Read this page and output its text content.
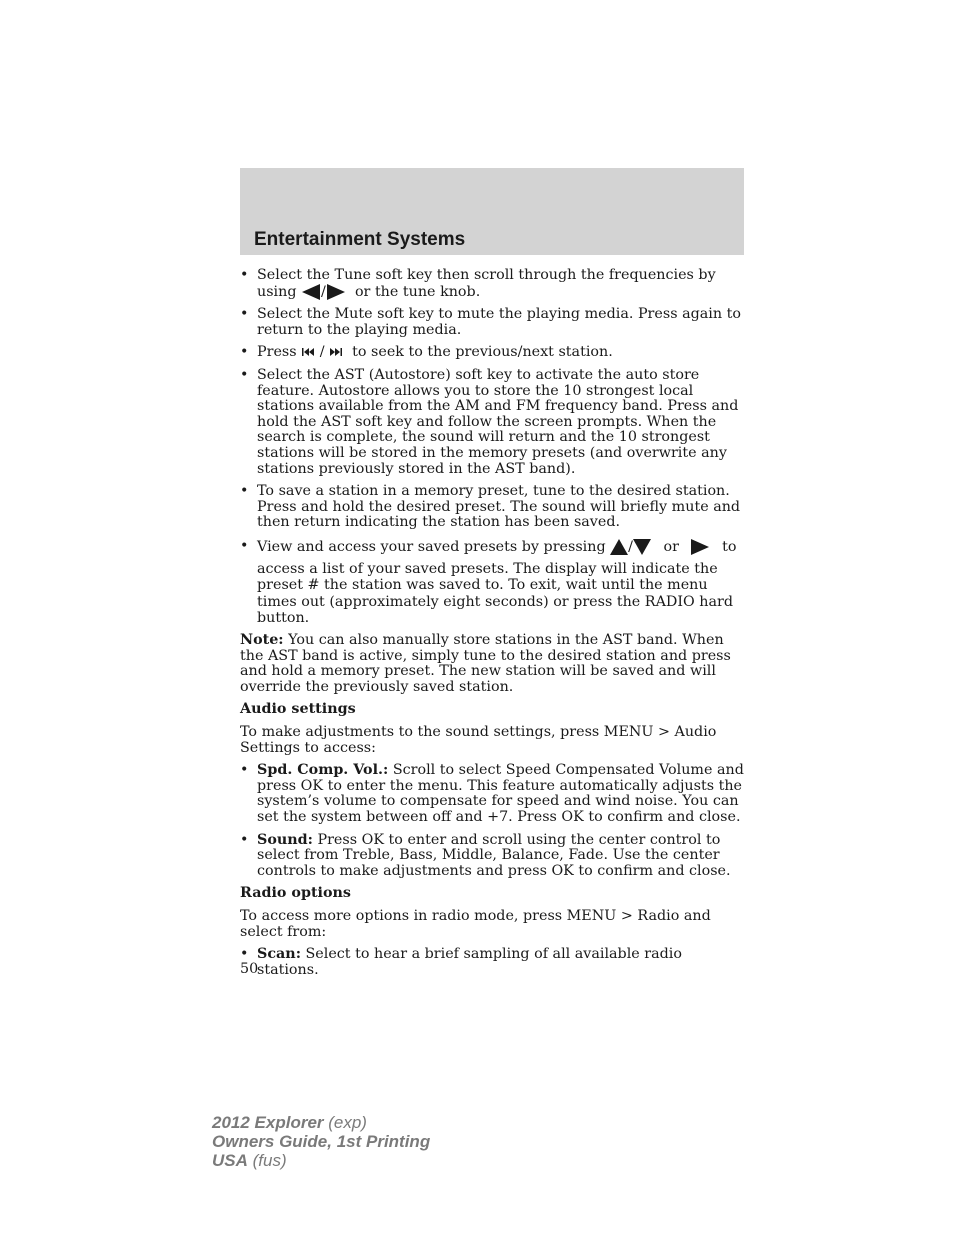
Entertainment Systems
• Select the Tune soft key then scroll through the frequencies by using / or the tune knob.
• Select the Mute soft key to mute the playing media. Press again to return to the playing media.
• Press / to seek to the previous/next station.
• Select the AST (Autostore) soft key to activate the auto store feature. Autostore allows you to store the 10 strongest local stations available from the AM and FM frequency band. Press and hold the AST soft key and follow the screen prompts. When the search is complete, the sound will return and the 10 strongest stations will be stored in the memory presets (and overwrite any stations previously stored in the AST band).
• To save a station in a memory preset, tune to the desired station. Press and hold the desired preset. The sound will briefly mute and then return indicating the station has been saved.
• View and access your saved presets by pressing / or	to
access a list of your saved presets. The display will indicate the preset # the station was saved to. To exit, wait until the menu times out (approximately eight seconds) or press the RADIO hard button.
Note: You can also manually store stations in the AST band. When the AST band is active, simply tune to the desired station and press and hold a memory preset. The new station will be saved and will override the previously saved station.
Audio settings
To make adjustments to the sound settings, press MENU > Audio Settings to access:
• Spd. Comp. Vol.: Scroll to select Speed Compensated Volume and press OK to enter the menu. This feature automatically adjusts the system’s volume to compensate for speed and wind noise. You can set the system between off and +7. Press OK to confirm and close.
• Sound: Press OK to enter and scroll using the center control to select from Treble, Bass, Middle, Balance, Fade. Use the center controls to make adjustments and press OK to confirm and close.
Radio options
To access more options in radio mode, press MENU > Radio and select from:
• Scan: Select to hear a brief sampling of all available radio stations.
50
2012 Explorer (exp)
Owners Guide, 1st Printing
USA (fus)
